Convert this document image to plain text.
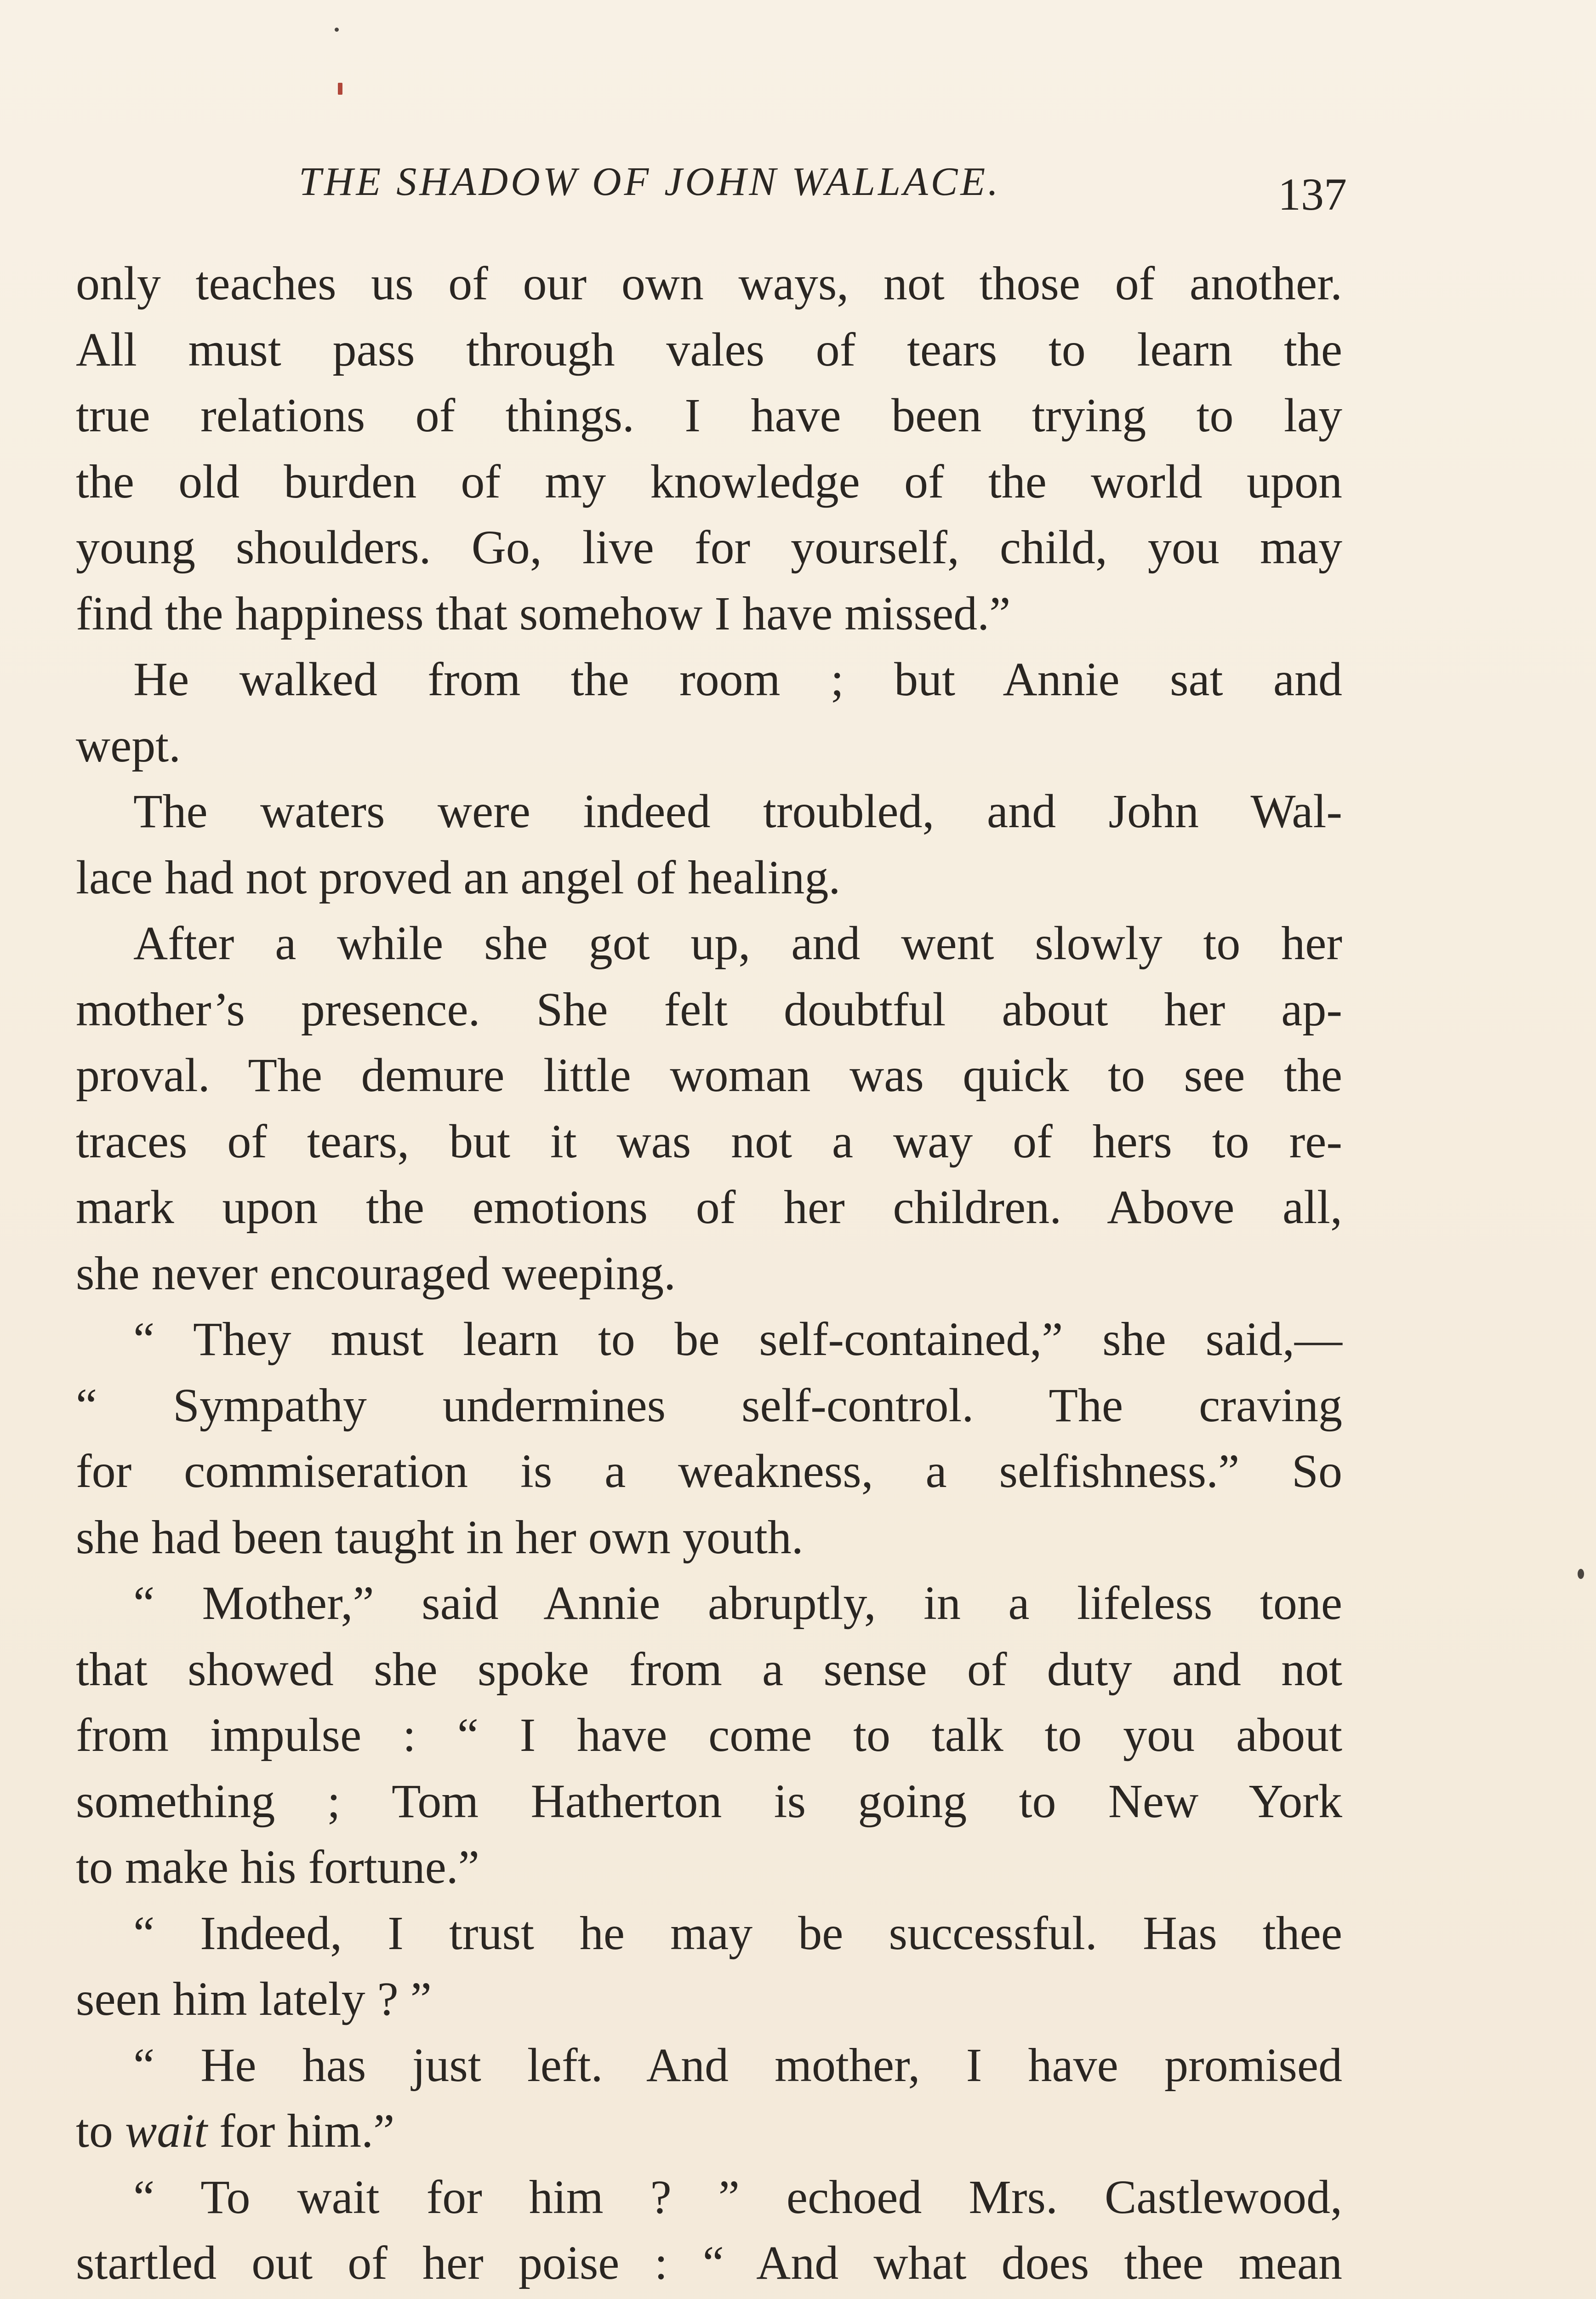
THE SHADOW OF JOHN WALLACE.	137
only teaches us of our own ways, not those of another.
All must pass through vales of tears to learn the
true relations of things. I have been trying to lay
the old burden of my knowledge of the world upon
young shoulders. Go, live for yourself, child, you may
find the happiness that somehow I have missed.”
He walked from the room ; but Annie sat and
wept.
The waters were indeed troubled, and John Wal-
lace had not proved an angel of healing.
After a while she got up, and went slowly to her
mother’s presence. She felt doubtful about her ap-
proval. The demure little woman was quick to see the
traces of tears, but it was not a way of hers to re-
mark upon the emotions of her children. Above all,
she never encouraged weeping.
“ They must learn to be self-contained,” she said,—
“ Sympathy undermines self-control. The craving
for commiseration is a weakness, a selfishness.” So
she had been taught in her own youth.
“ Mother,” said Annie abruptly, in a lifeless tone
that showed she spoke from a sense of duty and not
from impulse : “ I have come to talk to you about
something ; Tom Hatherton is going to New York
to make his fortune.”
“ Indeed, I trust he may be successful. Has thee
seen him lately ? ”
“ He has just left. And mother, I have promised
to wait for him.”
“ To wait for him ? ” echoed Mrs. Castlewood,
startled out of her poise : “ And what does thee mean
